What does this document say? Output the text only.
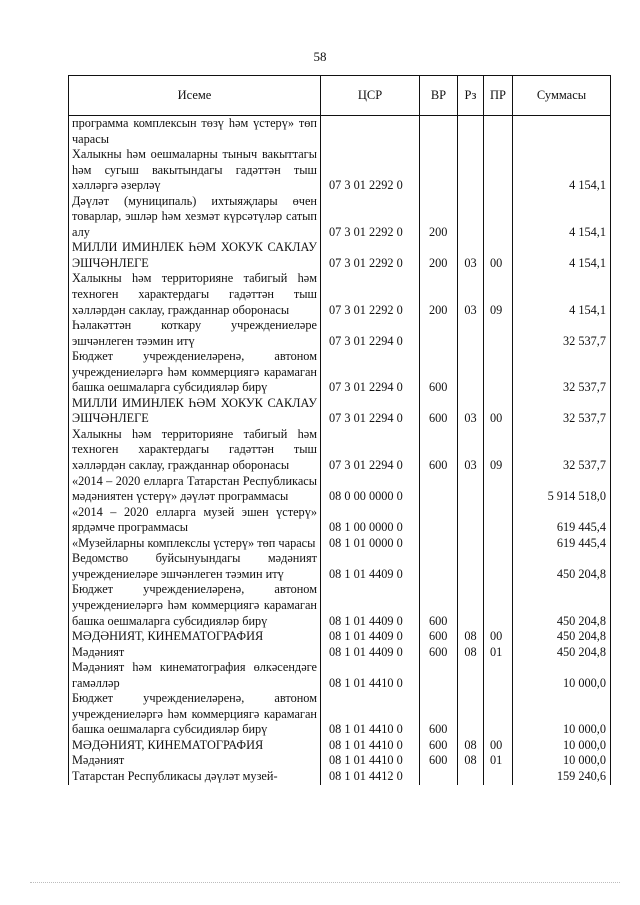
58
Исеме	ЦСР	ВР	Рз	ПР	Суммасы
программа комплексын төзү һәм үстерү» төп чарасы					
Халыкны һәм оешмаларны тыныч вакыттагы һәм сугыш вакытындагы гадәттән тыш хәлләргә әзерләү	07 3 01 2292 0				4 154,1
Дәүләт (муниципаль) ихтыяҗлары өчен товарлар, эшләр һәм хезмәт күрсәтүләр сатып алу	07 3 01 2292 0	200			4 154,1
МИЛЛИ ИМИНЛЕК ҺӘМ ХОКУК САКЛАУ ЭШЧӘНЛЕГЕ	07 3 01 2292 0	200	03	00	4 154,1
Халыкны һәм территорияне табигый һәм техноген характердагы гадәттән тыш хәлләрдән саклау, гражданнар оборонасы	07 3 01 2292 0	200	03	09	4 154,1
Һәлакәттән коткару учреждениеләре эшчәнлеген тәэмин итү	07 3 01 2294 0				32 537,7
Бюджет учреждениеләренә, автоном учреждениеләргә һәм коммерциягә карамаган башка оешмаларга субсидияләр бирү	07 3 01 2294 0	600			32 537,7
МИЛЛИ ИМИНЛЕК ҺӘМ ХОКУК САКЛАУ ЭШЧӘНЛЕГЕ	07 3 01 2294 0	600	03	00	32 537,7
Халыкны һәм территорияне табигый һәм техноген характердагы гадәттән тыш хәлләрдән саклау, гражданнар оборонасы	07 3 01 2294 0	600	03	09	32 537,7
«2014 – 2020 елларга Татарстан Республикасы мәдәниятен үстерү» дәүләт программасы	08 0 00 0000 0				5 914 518,0
«2014 – 2020 елларга музей эшен үстерү» ярдәмче программасы	08 1 00 0000 0				619 445,4
«Музейларны комплекслы үстерү» төп чарасы	08 1 01 0000 0				619 445,4
Ведомство буйсынуындагы мәдәният учреждениеләре эшчәнлеген тәэмин итү	08 1 01 4409 0				450 204,8
Бюджет учреждениеләренә, автоном учреждениеләргә һәм коммерциягә карамаган башка оешмаларга субсидияләр бирү	08 1 01 4409 0	600			450 204,8
МӘДӘНИЯТ, КИНЕМАТОГРАФИЯ	08 1 01 4409 0	600	08	00	450 204,8
Мәдәният	08 1 01 4409 0	600	08	01	450 204,8
Мәдәният һәм кинематография өлкәсендәге гамәлләр	08 1 01 4410 0				10 000,0
Бюджет учреждениеләренә, автоном учреждениеләргә һәм коммерциягә карамаган башка оешмаларга субсидияләр бирү	08 1 01 4410 0	600			10 000,0
МӘДӘНИЯТ, КИНЕМАТОГРАФИЯ	08 1 01 4410 0	600	08	00	10 000,0
Мәдәният	08 1 01 4410 0	600	08	01	10 000,0
Татарстан Республикасы дәүләт музей-	08 1 01 4412 0				159 240,6
